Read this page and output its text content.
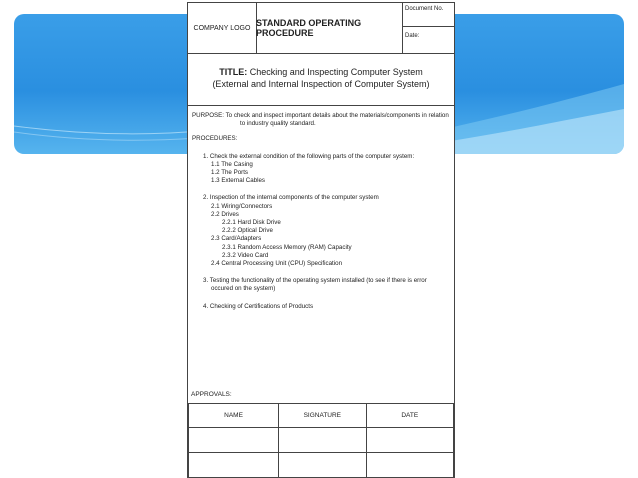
COMPANY LOGO STANDARD OPERATING PROCEDURE
Document No.
Date:
TITLE: Checking and Inspecting Computer System
(External and Internal Inspection of Computer System)

PURPOSE: To check and inspect important details about the materials/components in relation

to industry quality standard.

PROCEDURES:

1. Check the external condition of the following parts of the computer system:

1.1 The Casing

1.2 The Ports

1.3 External Cables

2. Inspection of the internal components of the computer system

2.1 Wiring/Connectors

2.2 Drives

2.2.1 Hard Disk Drive

2.2.2 Optical Drive

2.3 Card/Adapters

2.3.1 Random Access Memory (RAM) Capacity

2.3.2 Video Card

2.4 Central Processing Unit (CPU) Specification

3. Testing the functionality of the operating system installed (to see if there is error

occured on the system)

4. Checking of Certifications of Products

APPROVALS:
NAME	SIGNATURE	DATE
